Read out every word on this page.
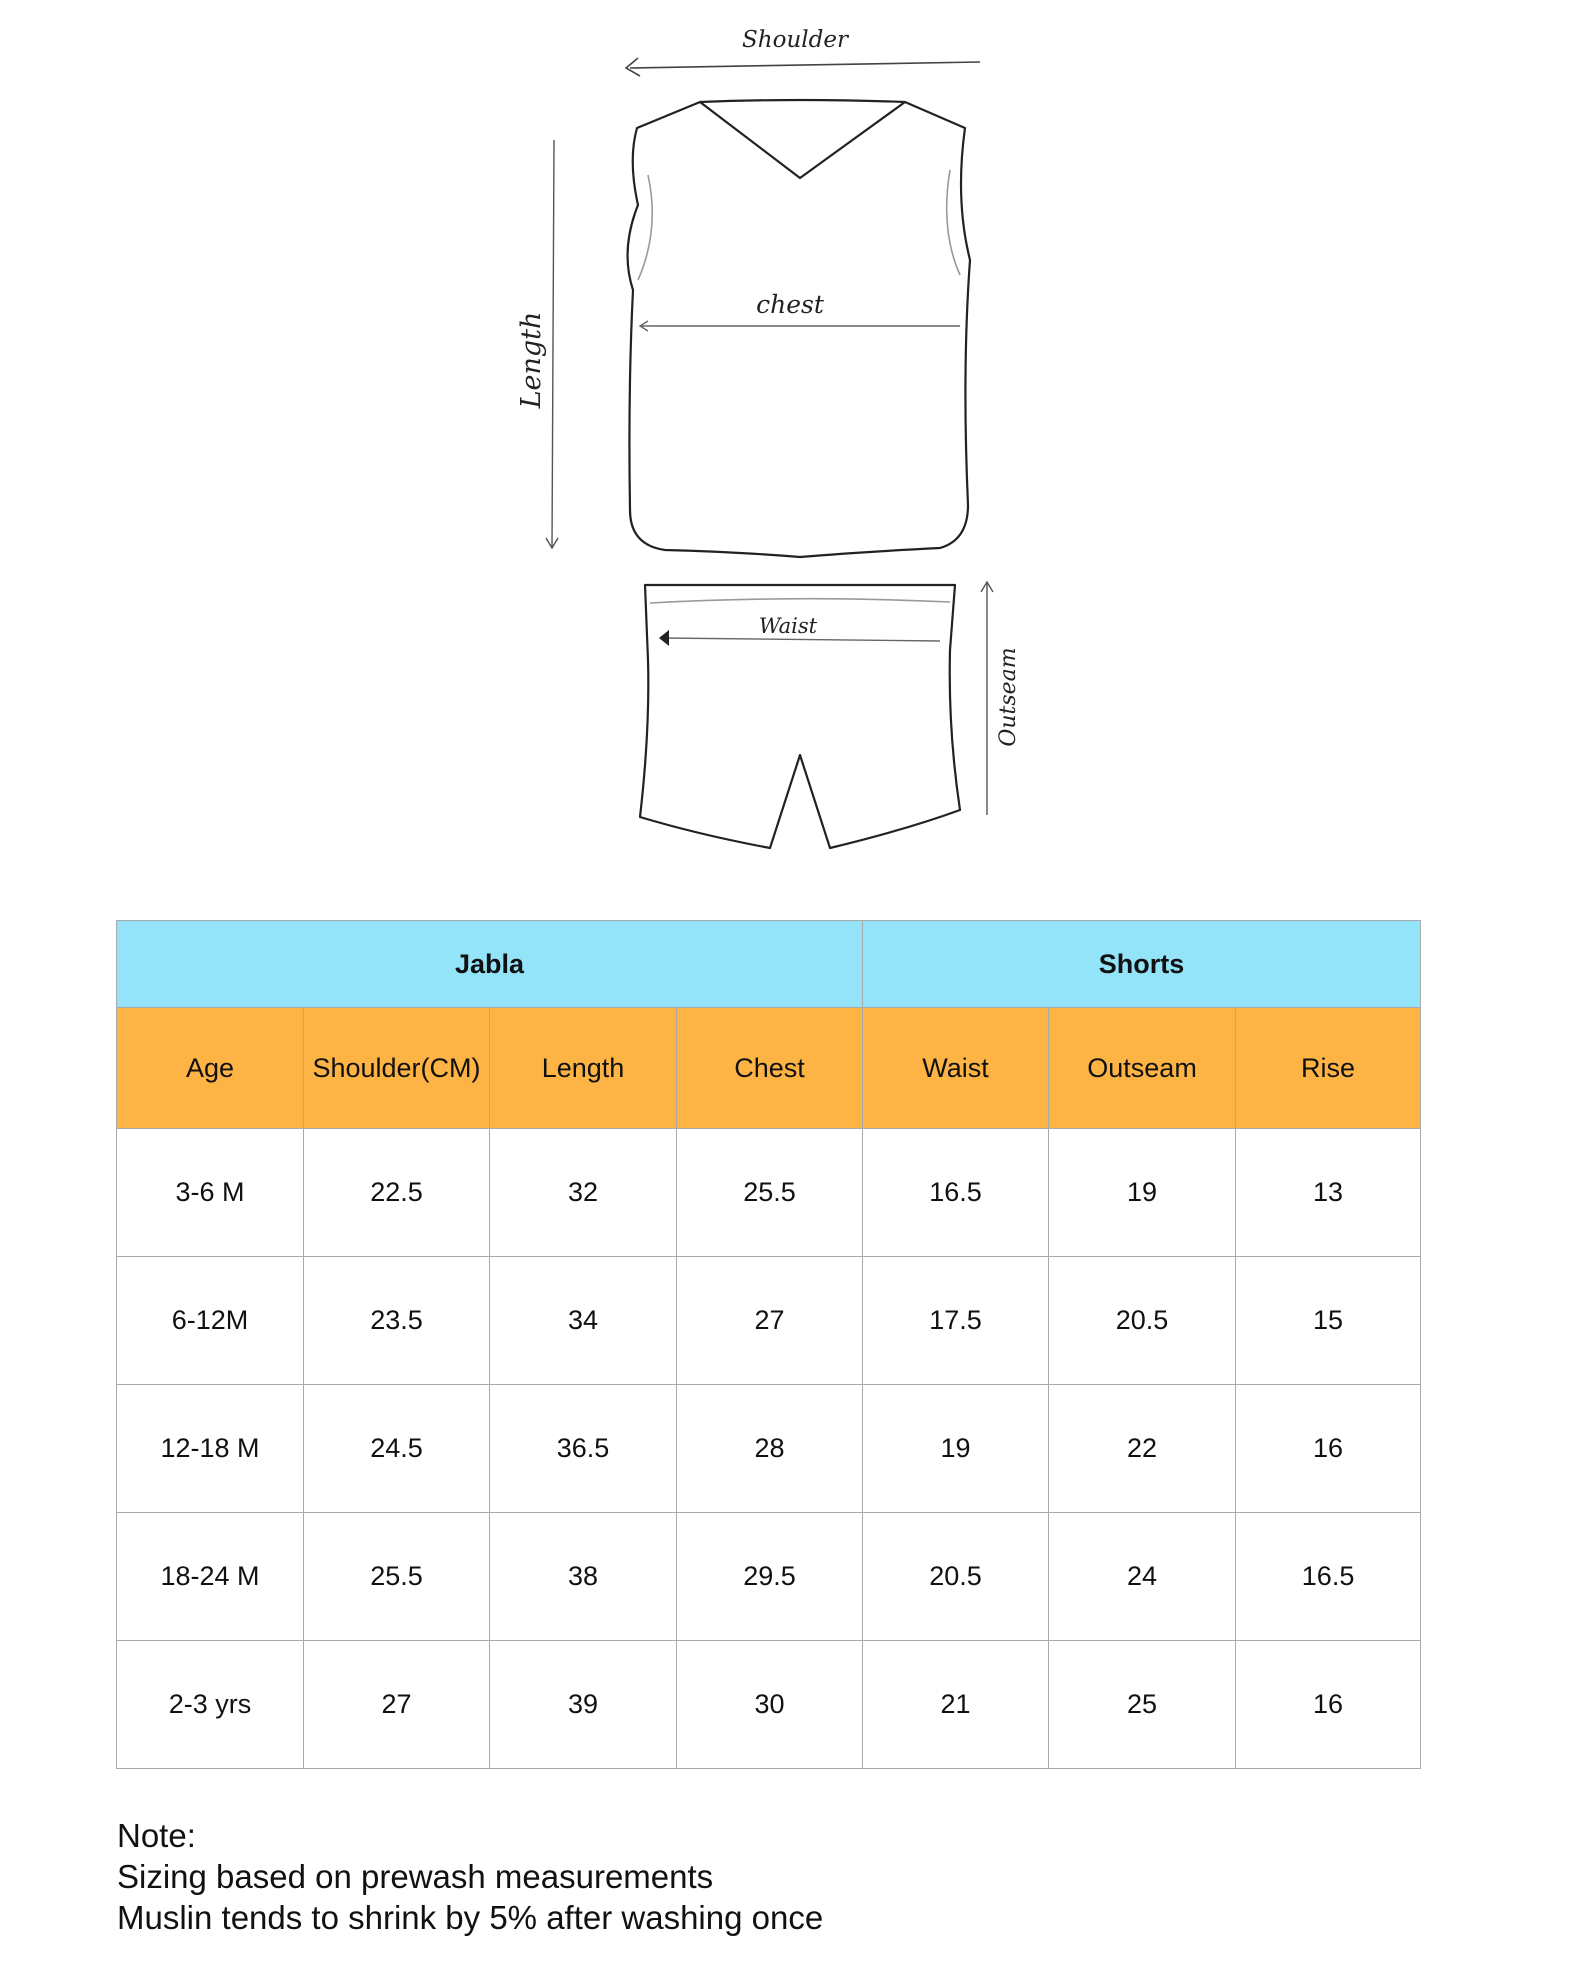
Shoulder
chest
Length
Waist
Outseam
Jabla				Shorts		
Age	Shoulder(CM)	Length	Chest	Waist	Outseam	Rise
3-6 M	22.5	32	25.5	16.5	19	13
6-12M	23.5	34	27	17.5	20.5	15
12-18 M	24.5	36.5	28	19	22	16
18-24 M	25.5	38	29.5	20.5	24	16.5
2-3 yrs	27	39	30	21	25	16
Note:
Sizing based on prewash measurements
Muslin tends to shrink by 5% after washing once
